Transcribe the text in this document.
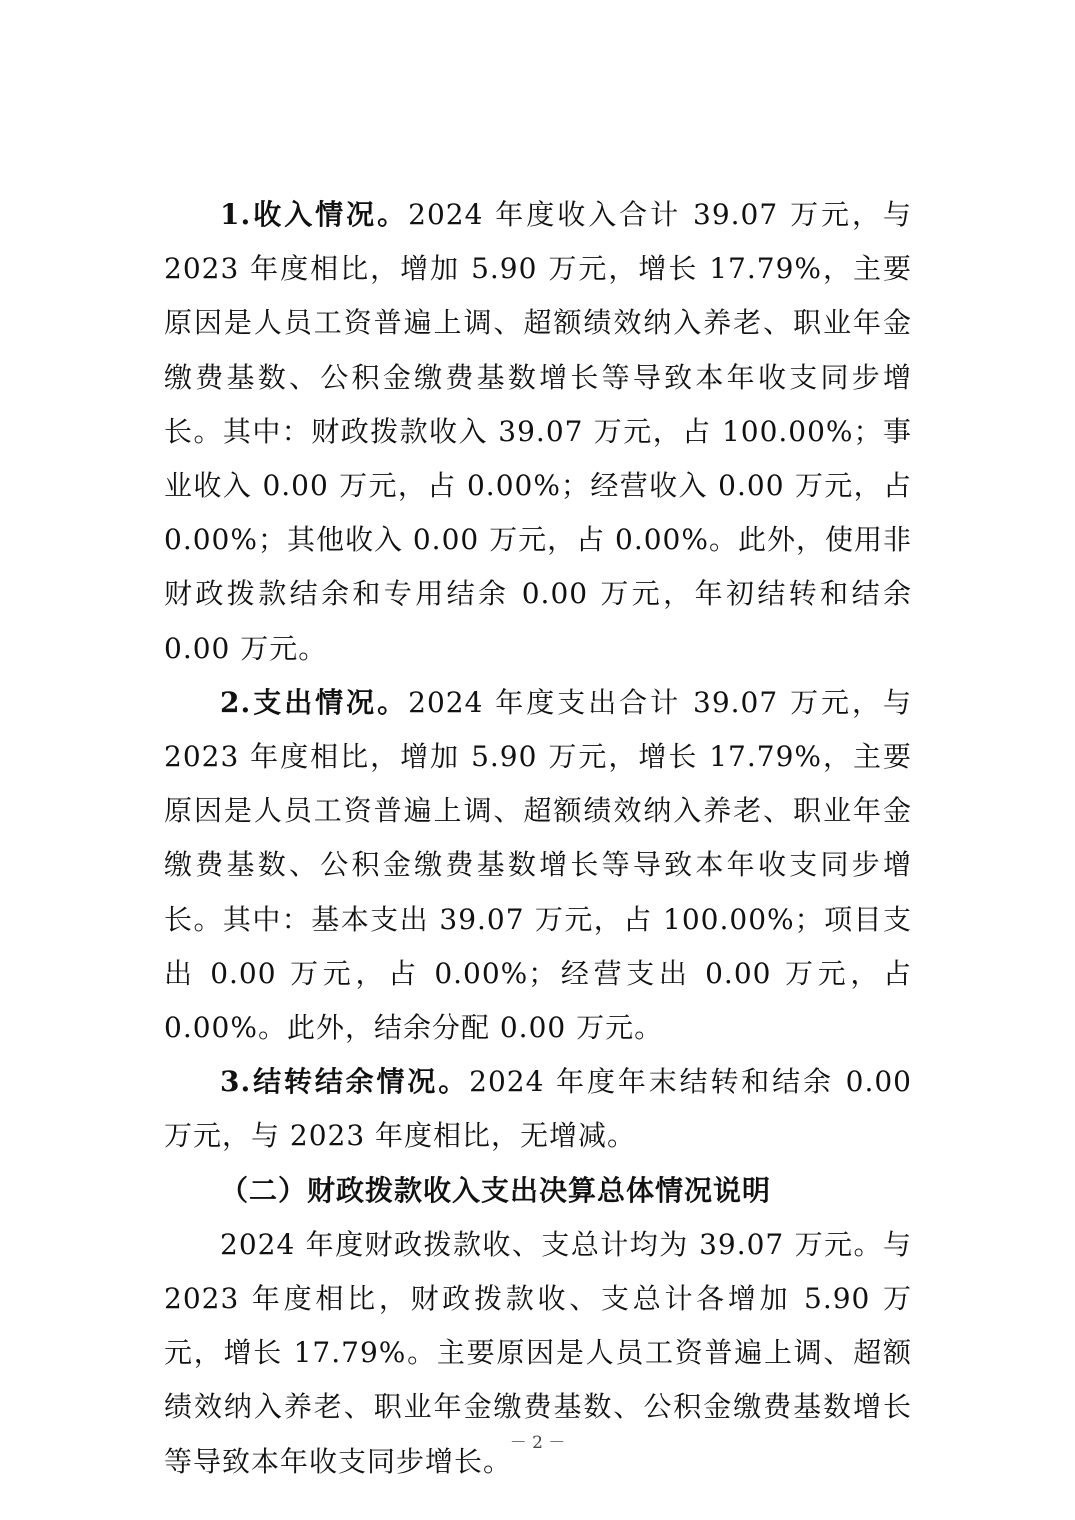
1.收入情况。2024 年度收入合计 39.07 万元，与 2023 年度相比，增加 5.90 万元，增长 17.79%，主要原因是人员工资普遍上调、超额绩效纳入养老、职业年金缴费基数、公积金缴费基数增长等导致本年收支同步增长。其中：财政拨款收入 39.07 万元，占 100.00%；事业收入 0.00 万元，占 0.00%；经营收入 0.00 万元，占 0.00%；其他收入 0.00 万元，占 0.00%。此外，使用非财政拨款结余和专用结余 0.00 万元，年初结转和结余 0.00 万元。

2.支出情况。2024 年度支出合计 39.07 万元，与 2023 年度相比，增加 5.90 万元，增长 17.79%，主要原因是人员工资普遍上调、超额绩效纳入养老、职业年金缴费基数、公积金缴费基数增长等导致本年收支同步增长。其中：基本支出 39.07 万元，占 100.00%；项目支出 0.00 万元，占 0.00%；经营支出 0.00 万元，占 0.00%。此外，结余分配 0.00 万元。

3.结转结余情况。2024 年度年末结转和结余 0.00 万元，与 2023 年度相比，无增减。

（二）财政拨款收入支出决算总体情况说明

2024 年度财政拨款收、支总计均为 39.07 万元。与 2023 年度相比，财政拨款收、支总计各增加 5.90 万元，增长 17.79%。主要原因是人员工资普遍上调、超额绩效纳入养老、职业年金缴费基数、公积金缴费基数增长等导致本年收支同步增长。

－ 2 －
